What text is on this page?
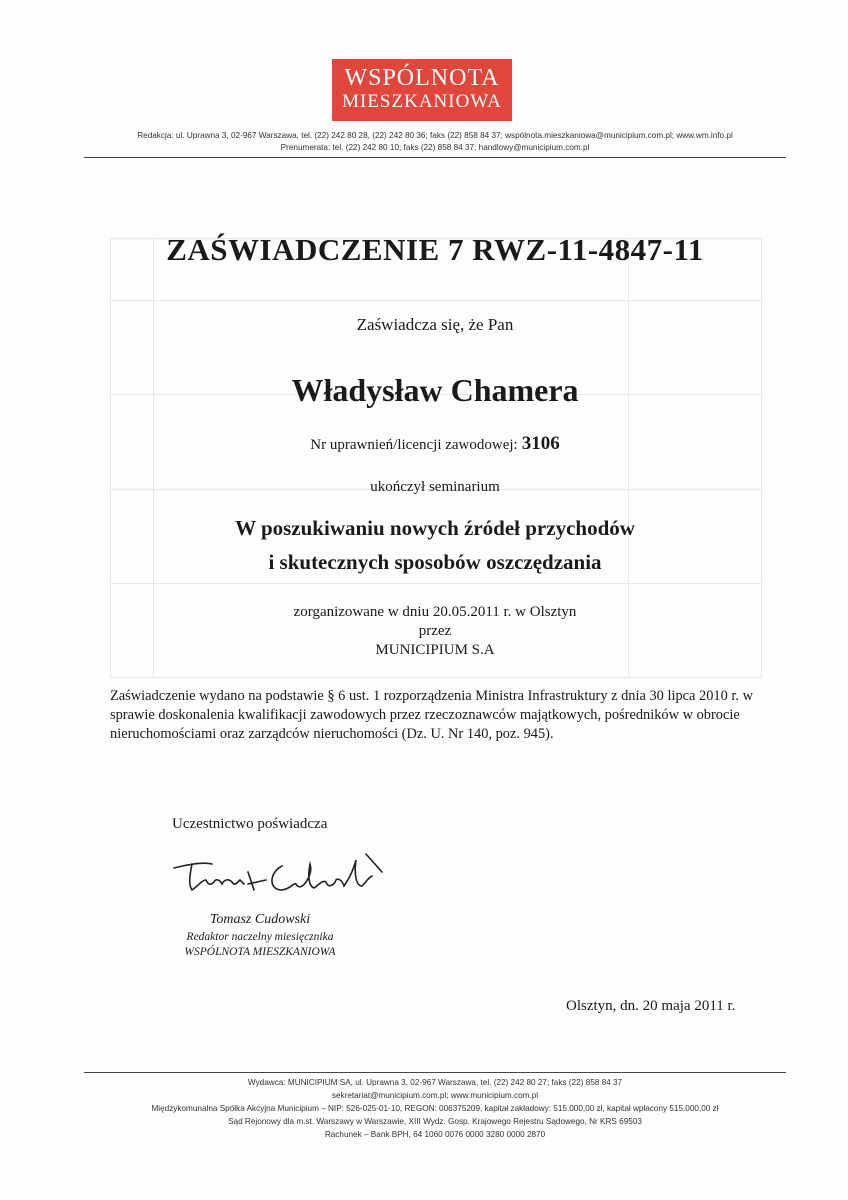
WSPÓLNOTA
MIESZKANIOWA
Redakcja: ul. Uprawna 3, 02-967 Warszawa, tel. (22) 242 80 28, (22) 242 80 36; faks (22) 858 84 37; wspólnota.mieszkaniowa@municipium.com.pl; www.wm.info.pl
Prenumerata: tel. (22) 242 80 10; faks (22) 858 84 37; handlowy@municipium.com.pl

ZAŚWIADCZENIE 7 RWZ-11-4847-11
Zaświadcza się, że Pan
Władysław Chamera
Nr uprawnień/licencji zawodowej: 3106
ukończył seminarium
W poszukiwaniu nowych źródeł przychodów
i skutecznych sposobów oszczędzania
zorganizowane w dniu 20.05.2011 r. w Olsztyn
przez
MUNICIPIUM S.A
Zaświadczenie wydano na podstawie § 6 ust. 1 rozporządzenia Ministra Infrastruktury z dnia 30 lipca 2010 r. w sprawie doskonalenia kwalifikacji zawodowych przez rzeczoznawców majątkowych, pośredników w obrocie nieruchomościami oraz zarządców nieruchomości (Dz. U. Nr 140, poz. 945).
Uczestnictwo poświadcza
Tomasz Cudowski
Redaktor naczelny miesięcznika
WSPÓLNOTA MIESZKANIOWA
Olsztyn, dn. 20 maja 2011 r.
Wydawca: MUNICIPIUM SA, ul. Uprawna 3, 02-967 Warszawa, tel. (22) 242 80 27; faks (22) 858 84 37
sekretariat@municipium.com.pl; www.municipium.com.pl
Międzykomunalna Spółka Akcyjna Municipium – NIP: 526-025-01-10, REGON: 006375209, kapitał zakładowy: 515.000,00 zł, kapitał wpłacony 515.000,00 zł
Sąd Rejonowy dla m.st. Warszawy w Warszawie, XIII Wydz. Gosp. Krajowego Rejestru Sądowego, Nr KRS 69503
Rachunek – Bank BPH, 64 1060 0076 0000 3280 0000 2870
